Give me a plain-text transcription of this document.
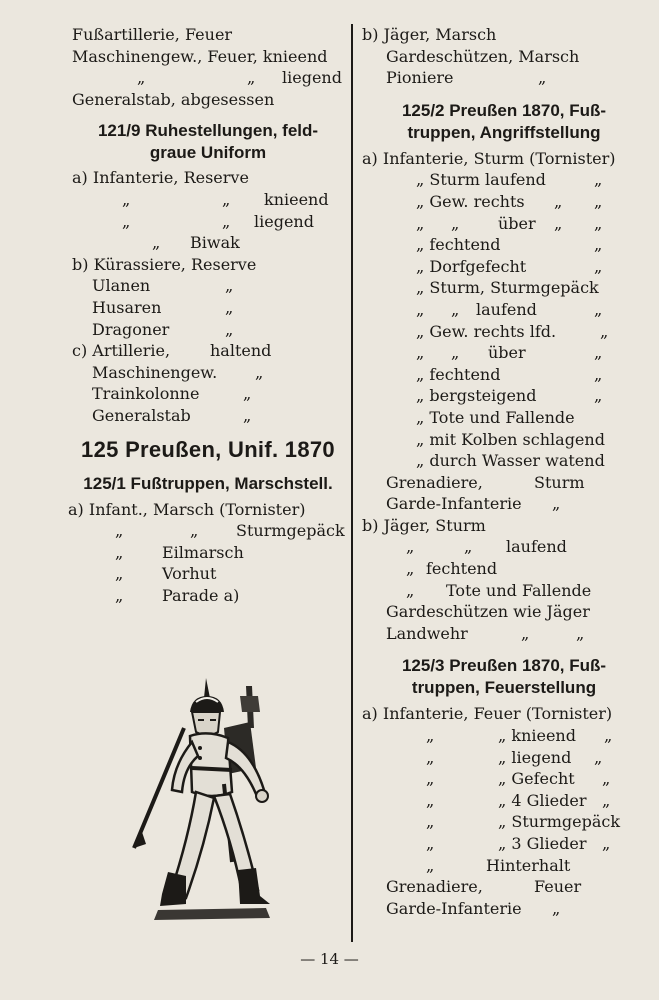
Fußartillerie, Feuer
Maschinengew., Feuer, knieend
„	„ liegend
Generalstab, abgesessen
121/9 Ruhestellungen, feld-
graue Uniform
a) Infanterie, Reserve
„	„ knieend
„	„ liegend
„ Biwak
b) Kürassiere, Reserve
Ulanen	„
Husaren	„
Dragoner	„
c) Artillerie, haltend
Maschinengew. „
Trainkolonne	„
Generalstab	„
125 Preußen, Unif. 1870
125/1 Fußtruppen, Marschstell.
a) Infant., Marsch (Tornister)
„	„ Sturmgepäck
„ Eilmarsch
„ Vorhut
„ Parade a)
b) Jäger, Marsch
Gardeschützen, Marsch
Pioniere	„
125/2 Preußen 1870, Fuß-
truppen, Angriffstellung
a) Infanterie, Sturm (Tornister)
„ Sturm laufend	„
„ Gew. rechts „ „
„ „ über „ „
„ fechtend	„
„ Dorfgefecht	„
„ Sturm, Sturmgepäck
„ „ laufend	„
„ Gew. rechts lfd.	„
„ „ über	„
„ fechtend	„
„ bergsteigend	„
„ Tote und Fallende
„ mit Kolben schlagend
„ durch Wasser watend
Grenadiere,	Sturm
Garde-Infanterie „
b) Jäger, Sturm
„	„ laufend
„ fechtend
„ Tote und Fallende
Gardeschützen wie Jäger
Landwehr	„	„
125/3 Preußen 1870, Fuß-
truppen, Feuerstellung
a) Infanterie, Feuer (Tornister)
„	„ knieend „
„	„ liegend „
„	„ Gefecht „
„	„ 4 Glieder „
„	„ Sturmgepäck
„	„ 3 Glieder „
„	Hinterhalt
Grenadiere,	Feuer
Garde-Infanterie „
— 14 —
